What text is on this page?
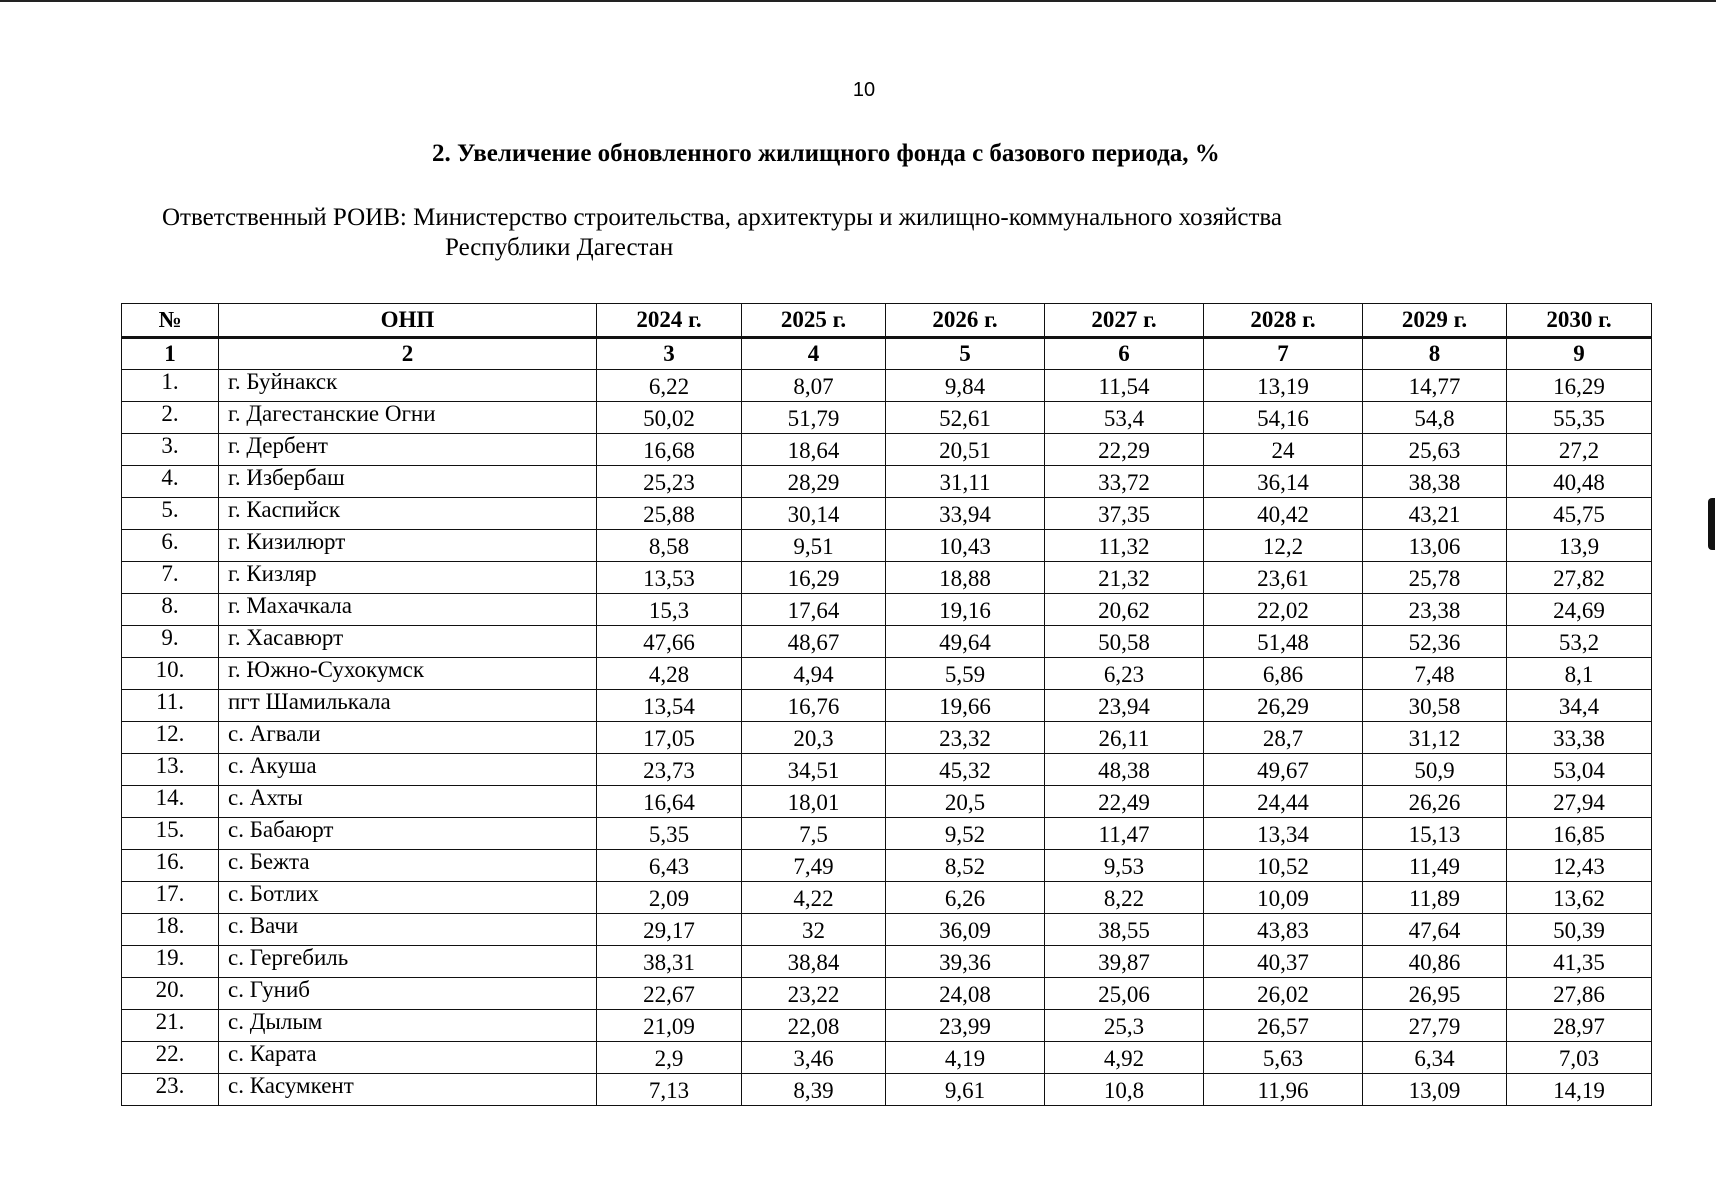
10
2. Увеличение обновленного жилищного фонда с базового периода, %
Ответственный РОИВ: Министерство строительства, архитектуры и жилищно-коммунального хозяйства
Республики Дагестан
№	ОНП	2024 г.	2025 г.	2026 г.	2027 г.	2028 г.	2029 г.	2030 г.
1	2	3	4	5	6	7	8	9
1.	г. Буйнакск	6,22	8,07	9,84	11,54	13,19	14,77	16,29
2.	г. Дагестанские Огни	50,02	51,79	52,61	53,4	54,16	54,8	55,35
3.	г. Дербент	16,68	18,64	20,51	22,29	24	25,63	27,2
4.	г. Избербаш	25,23	28,29	31,11	33,72	36,14	38,38	40,48
5.	г. Каспийск	25,88	30,14	33,94	37,35	40,42	43,21	45,75
6.	г. Кизилюрт	8,58	9,51	10,43	11,32	12,2	13,06	13,9
7.	г. Кизляр	13,53	16,29	18,88	21,32	23,61	25,78	27,82
8.	г. Махачкала	15,3	17,64	19,16	20,62	22,02	23,38	24,69
9.	г. Хасавюрт	47,66	48,67	49,64	50,58	51,48	52,36	53,2
10.	г. Южно-Сухокумск	4,28	4,94	5,59	6,23	6,86	7,48	8,1
11.	пгт Шамилькала	13,54	16,76	19,66	23,94	26,29	30,58	34,4
12.	с. Агвали	17,05	20,3	23,32	26,11	28,7	31,12	33,38
13.	с. Акуша	23,73	34,51	45,32	48,38	49,67	50,9	53,04
14.	с. Ахты	16,64	18,01	20,5	22,49	24,44	26,26	27,94
15.	с. Бабаюрт	5,35	7,5	9,52	11,47	13,34	15,13	16,85
16.	с. Бежта	6,43	7,49	8,52	9,53	10,52	11,49	12,43
17.	с. Ботлих	2,09	4,22	6,26	8,22	10,09	11,89	13,62
18.	с. Вачи	29,17	32	36,09	38,55	43,83	47,64	50,39
19.	с. Гергебиль	38,31	38,84	39,36	39,87	40,37	40,86	41,35
20.	с. Гуниб	22,67	23,22	24,08	25,06	26,02	26,95	27,86
21.	с. Дылым	21,09	22,08	23,99	25,3	26,57	27,79	28,97
22.	с. Карата	2,9	3,46	4,19	4,92	5,63	6,34	7,03
23.	с. Касумкент	7,13	8,39	9,61	10,8	11,96	13,09	14,19
